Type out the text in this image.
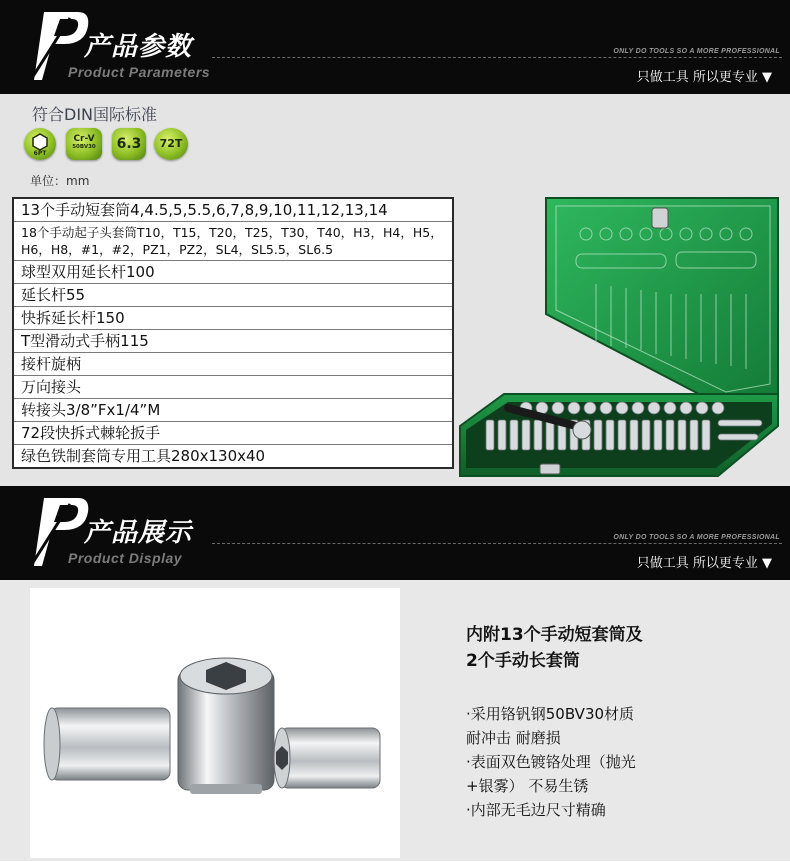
产品参数
Product Parameters
ONLY DO TOOLS SO A MORE PROFESSIONAL
只做工具 所以更专业 ▼
符合DIN国际标准
6PT
Cr-V
50BV30	6.3	72T
单位：mm
13个手动短套筒4,4.5,5,5.5,6,7,8,9,10,11,12,13,14
18个手动起子头套筒T10，T15，T20，T25，T30，T40，H3，H4，H5，H6，H8，#1，#2，PZ1，PZ2，SL4，SL5.5，SL6.5
球型双用延长杆100
延长杆55
快拆延长杆150
T型滑动式手柄115
接杆旋柄
万向接头
转接头3/8”Fx1/4”M
72段快拆式棘轮扳手
绿色铁制套筒专用工具280x130x40
产品展示
Product Display
ONLY DO TOOLS SO A MORE PROFESSIONAL
只做工具 所以更专业 ▼
内附13个手动短套筒及
2个手动长套筒
·采用铬钒钢50BV30材质
耐冲击 耐磨损
·表面双色镀铬处理（抛光
+银雾） 不易生锈
·内部无毛边尺寸精确
